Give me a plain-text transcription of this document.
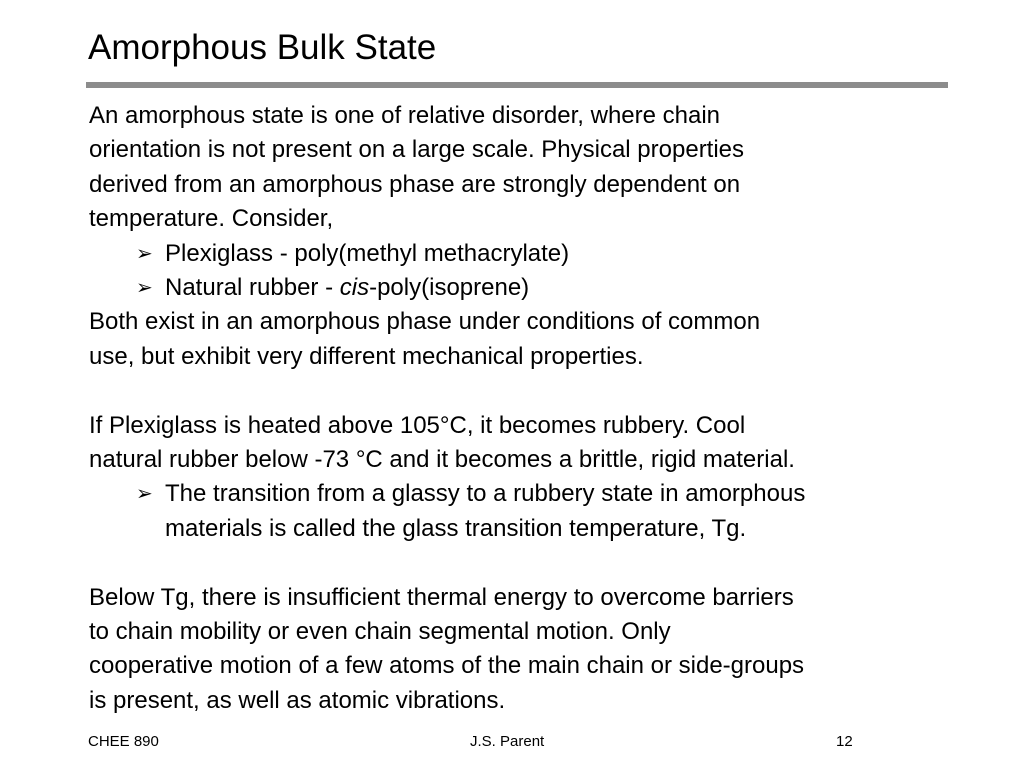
Amorphous Bulk State
An amorphous state is one of relative disorder, where chain
orientation is not present on a large scale. Physical properties
derived from an amorphous phase are strongly dependent on
temperature. Consider,
➢ Plexiglass - poly(methyl methacrylate)
➢ Natural rubber - cis-poly(isoprene)
Both exist in an amorphous phase under conditions of common
use, but exhibit very different mechanical properties.
If Plexiglass is heated above 105°C, it becomes rubbery. Cool
natural rubber below -73 °C and it becomes a brittle, rigid material.
➢ The transition from a glassy to a rubbery state in amorphous
materials is called the glass transition temperature, Tg.
Below Tg, there is insufficient thermal energy to overcome barriers
to chain mobility or even chain segmental motion. Only
cooperative motion of a few atoms of the main chain or side-groups
is present, as well as atomic vibrations.
CHEE 890	J.S. Parent	12
